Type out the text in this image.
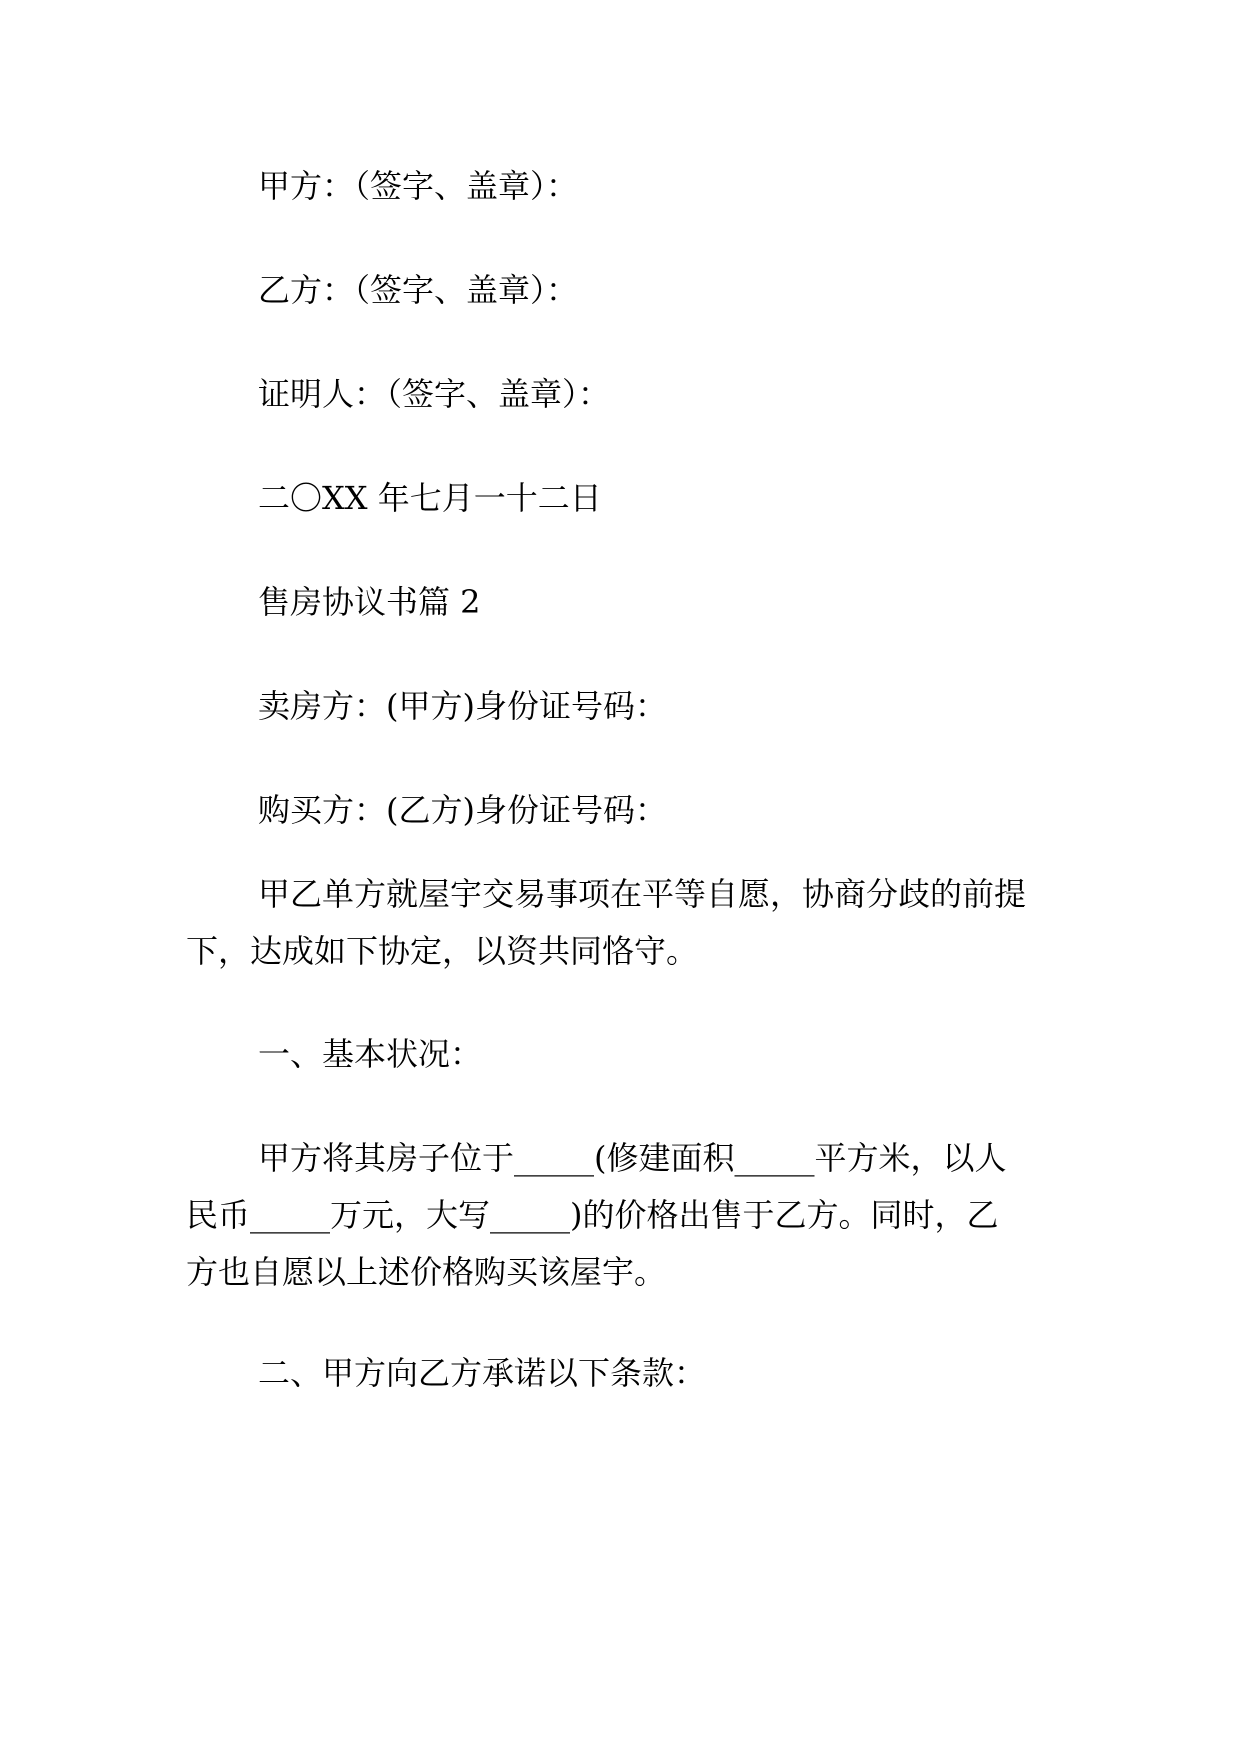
甲方：（签字、盖章）：
乙方：（签字、盖章）：
证明人：（签字、盖章）：
二〇XX 年七月一十二日
售房协议书篇 2
卖房方：(甲方)身份证号码：
购买方：(乙方)身份证号码：
甲乙单方就屋宇交易事项在平等自愿，协商分歧的前提
下，达成如下协定，以资共同恪守。
一、基本状况：
甲方将其房子位于_____(修建面积_____平方米，以人
民币_____万元，大写_____)的价格出售于乙方。同时，乙
方也自愿以上述价格购买该屋宇。
二、甲方向乙方承诺以下条款：
